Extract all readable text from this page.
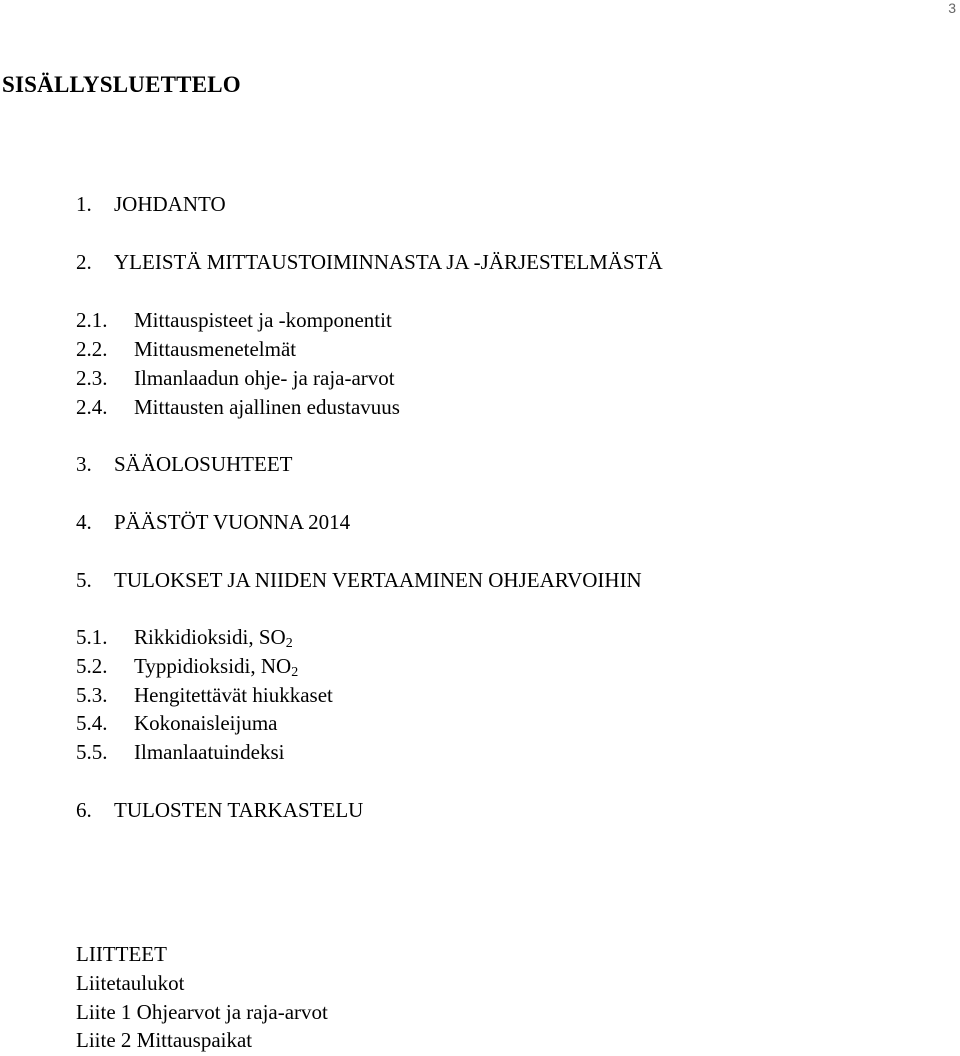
3
SISÄLLYSLUETTELO
1. JOHDANTO
2. YLEISTÄ MITTAUSTOIMINNASTA JA -JÄRJESTELMÄSTÄ
2.1. Mittauspisteet ja -komponentit
2.2. Mittausmenetelmät
2.3. Ilmanlaadun ohje- ja raja-arvot
2.4. Mittausten ajallinen edustavuus
3. SÄÄOLOSUHTEET
4. PÄÄSTÖT VUONNA 2014
5. TULOKSET JA NIIDEN VERTAAMINEN OHJEARVOIHIN
5.1. Rikkidioksidi, $SO_2$
5.2. Typpidioksidi, $NO_2$
5.3. Hengitettävät hiukkaset
5.4. Kokonaisleijuma
5.5. Ilmanlaatuindeksi
6. TULOSTEN TARKASTELU
LIITTEET
Liitetaulukot
Liite 1 Ohjearvot ja raja-arvot
Liite 2 Mittauspaikat
